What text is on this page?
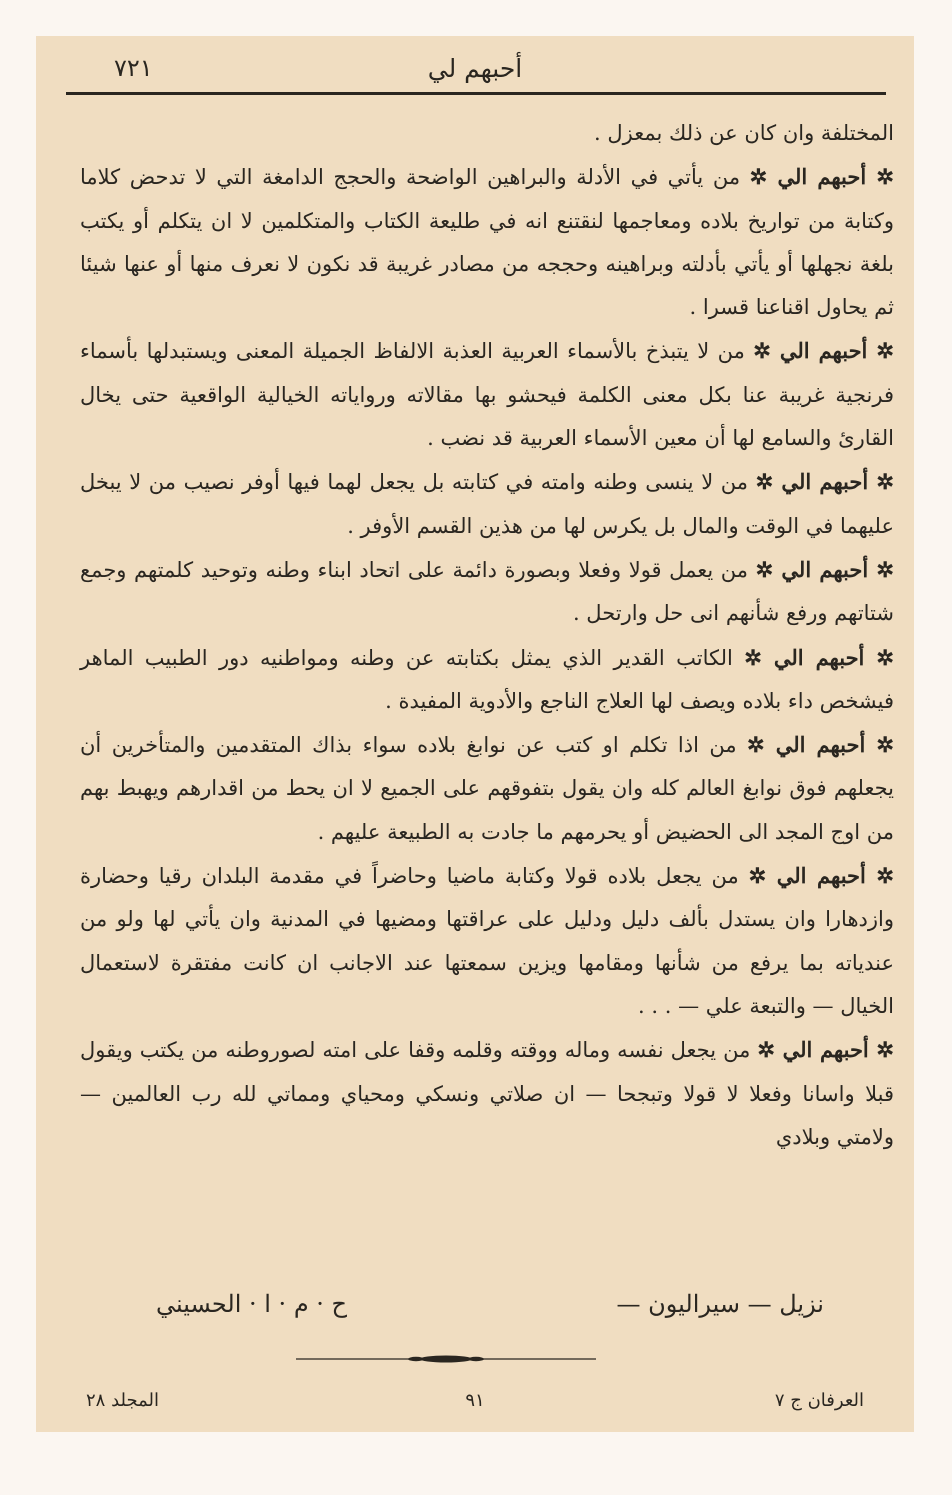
٧٢١	أحبهم لي

المختلفة وان كان عن ذلك بمعزل .

✲ أحبهم الي ✲ من يأتي في الأدلة والبراهين الواضحة والحجج الدامغة التي لا تدحض كلاما وكتابة من تواريخ بلاده ومعاجمها لنقتنع انه في طليعة الكتاب والمتكلمين لا ان يتكلم أو يكتب بلغة نجهلها أو يأتي بأدلته وبراهينه وحججه من مصادر غريبة قد نكون لا نعرف منها أو عنها شيئا ثم يحاول اقناعنا قسرا .

✲ أحبهم الي ✲ من لا يتبذخ بالأسماء العربية العذبة الالفاظ الجميلة المعنى ويستبدلها بأسماء فرنجية غريبة عنا بكل معنى الكلمة فيحشو بها مقالاته ورواياته الخيالية الواقعية حتى يخال القارئ والسامع لها أن معين الأسماء العربية قد نضب .

✲ أحبهم الي ✲ من لا ينسى وطنه وامته في كتابته بل يجعل لهما فيها أوفر نصيب من لا يبخل عليهما في الوقت والمال بل يكرس لها من هذين القسم الأوفر .

✲ أحبهم الي ✲ من يعمل قولا وفعلا وبصورة دائمة على اتحاد ابناء وطنه وتوحيد كلمتهم وجمع شتاتهم ورفع شأنهم انى حل وارتحل .

✲ أحبهم الي ✲ الكاتب القدير الذي يمثل بكتابته عن وطنه ومواطنيه دور الطبيب الماهر فيشخص داء بلاده ويصف لها العلاج الناجع والأدوية المفيدة .

✲ أحبهم الي ✲ من اذا تكلم او كتب عن نوابغ بلاده سواء بذاك المتقدمين والمتأخرين أن يجعلهم فوق نوابغ العالم كله وان يقول بتفوقهم على الجميع لا ان يحط من اقدارهم ويهبط بهم من اوج المجد الى الحضيض أو يحرمهم ما جادت به الطبيعة عليهم .

✲ أحبهم الي ✲ من يجعل بلاده قولا وكتابة ماضيا وحاضراً في مقدمة البلدان رقيا وحضارة وازدهارا وان يستدل بألف دليل ودليل على عراقتها ومضيها في المدنية وان يأتي لها ولو من عندياته بما يرفع من شأنها ومقامها ويزين سمعتها عند الاجانب ان كانت مفتقرة لاستعمال الخيال — والتبعة علي — . . .

✲ أحبهم الي ✲ من يجعل نفسه وماله ووقته وقلمه وقفا على امته لصوروطنه من يكتب ويقول قبلا واسانا وفعلا لا قولا وتبجحا — ان صلاتي ونسكي ومحياي ومماتي لله رب العالمين — ولامتي وبلادي

نزيل — سيراليون —
ح · م · ا · الحسيني
المجلد ٢٨	٩١	العرفان ج ٧
